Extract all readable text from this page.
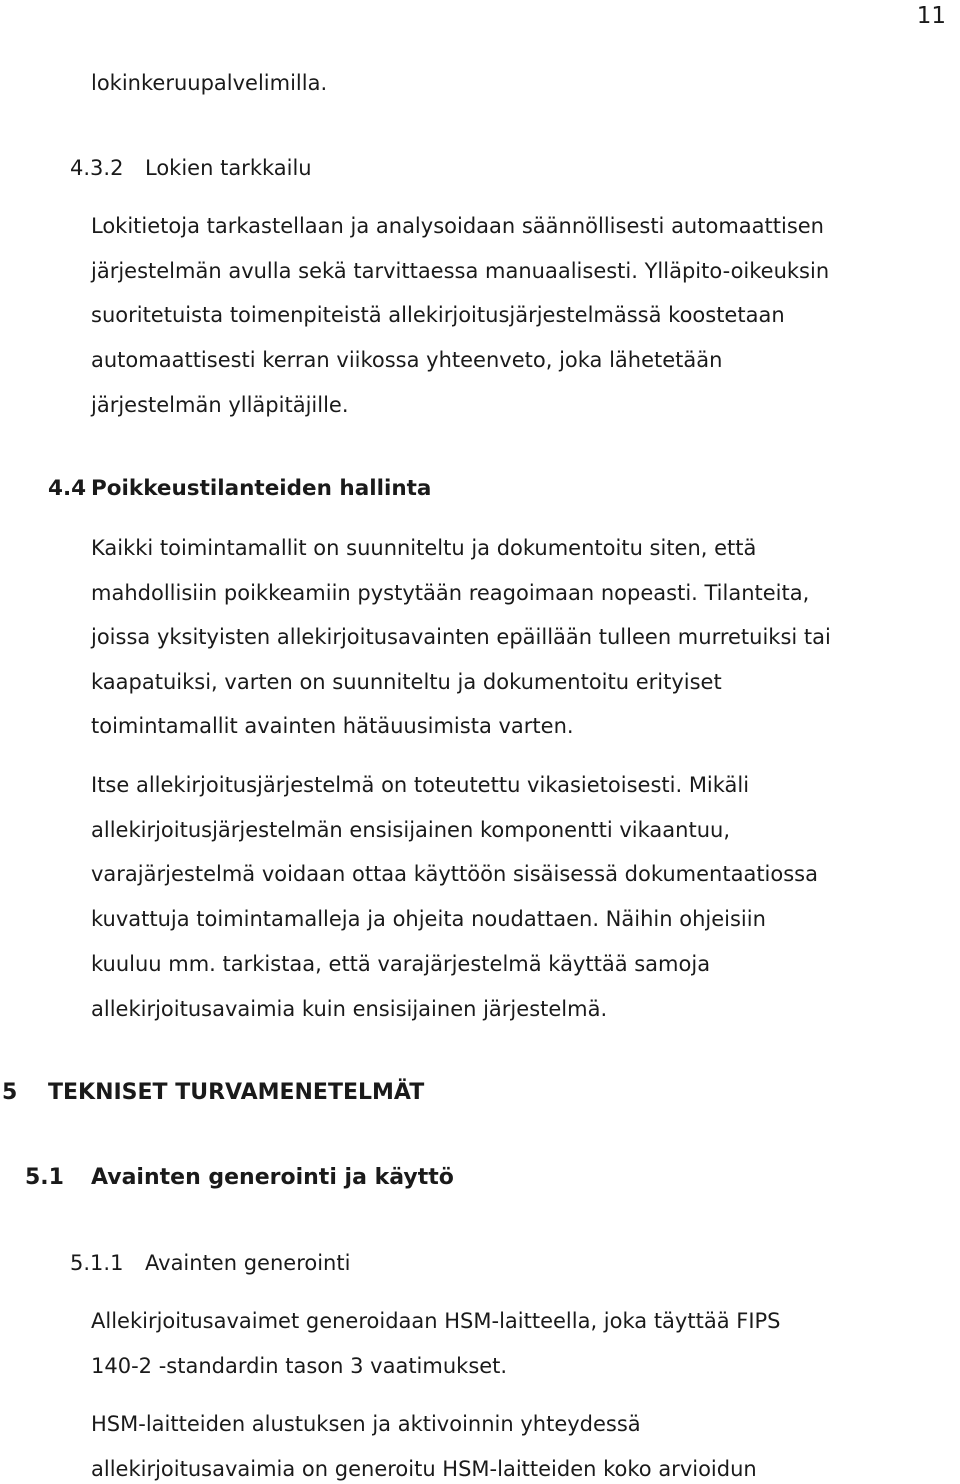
11
lokinkeruupalvelimilla.
4.3.2 Lokien tarkkailu
Lokitietoja tarkastellaan ja analysoidaan säännöllisesti automaattisen
järjestelmän avulla sekä tarvittaessa manuaalisesti. Ylläpito-oikeuksin
suoritetuista toimenpiteistä allekirjoitusjärjestelmässä koostetaan
automaattisesti kerran viikossa yhteenveto, joka lähetetään
järjestelmän ylläpitäjille.
4.4 Poikkeustilanteiden hallinta
Kaikki toimintamallit on suunniteltu ja dokumentoitu siten, että
mahdollisiin poikkeamiin pystytään reagoimaan nopeasti. Tilanteita,
joissa yksityisten allekirjoitusavainten epäillään tulleen murretuiksi tai
kaapatuiksi, varten on suunniteltu ja dokumentoitu erityiset
toimintamallit avainten hätäuusimista varten.
Itse allekirjoitusjärjestelmä on toteutettu vikasietoisesti. Mikäli
allekirjoitusjärjestelmän ensisijainen komponentti vikaantuu,
varajärjestelmä voidaan ottaa käyttöön sisäisessä dokumentaatiossa
kuvattuja toimintamalleja ja ohjeita noudattaen. Näihin ohjeisiin
kuuluu mm. tarkistaa, että varajärjestelmä käyttää samoja
allekirjoitusavaimia kuin ensisijainen järjestelmä.
5 TEKNISET TURVAMENETELMÄT
5.1 Avainten generointi ja käyttö
5.1.1 Avainten generointi
Allekirjoitusavaimet generoidaan HSM-laitteella, joka täyttää FIPS
140-2 -standardin tason 3 vaatimukset.
HSM-laitteiden alustuksen ja aktivoinnin yhteydessä
allekirjoitusavaimia on generoitu HSM-laitteiden koko arvioidun
